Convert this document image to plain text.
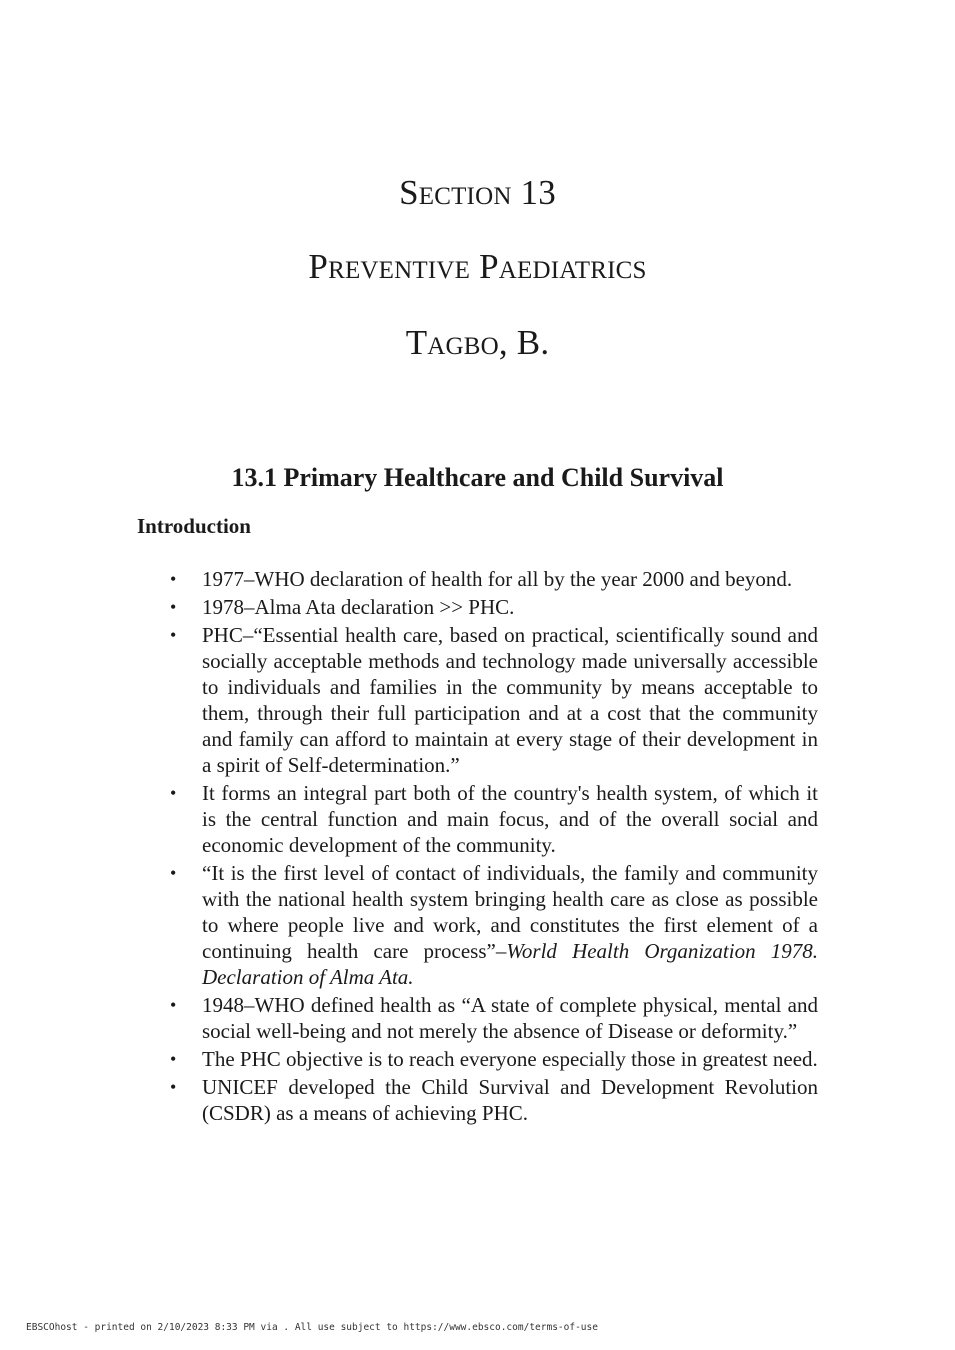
Section 13
Preventive Paediatrics
Tagbo, B.
13.1 Primary Healthcare and Child Survival
Introduction
• 1977–WHO declaration of health for all by the year 2000 and beyond.
• 1978–Alma Ata declaration >> PHC.
• PHC–“Essential health care, based on practical, scientifically sound and socially acceptable methods and technology made universally accessible to individuals and families in the community by means acceptable to them, through their full participation and at a cost that the community and family can afford to maintain at every stage of their development in a spirit of Self-determination.”
• It forms an integral part both of the country's health system, of which it is the central function and main focus, and of the overall social and economic development of the community.
• “It is the first level of contact of individuals, the family and community with the national health system bringing health care as close as possible to where people live and work, and constitutes the first element of a continuing health care process”–World Health Organization 1978. Declaration of Alma Ata.
• 1948–WHO defined health as “A state of complete physical, mental and social well-being and not merely the absence of Disease or deformity.”
• The PHC objective is to reach everyone especially those in greatest need.
• UNICEF developed the Child Survival and Development Revolution (CSDR) as a means of achieving PHC.
EBSCOhost - printed on 2/10/2023 8:33 PM via . All use subject to https://www.ebsco.com/terms-of-use
